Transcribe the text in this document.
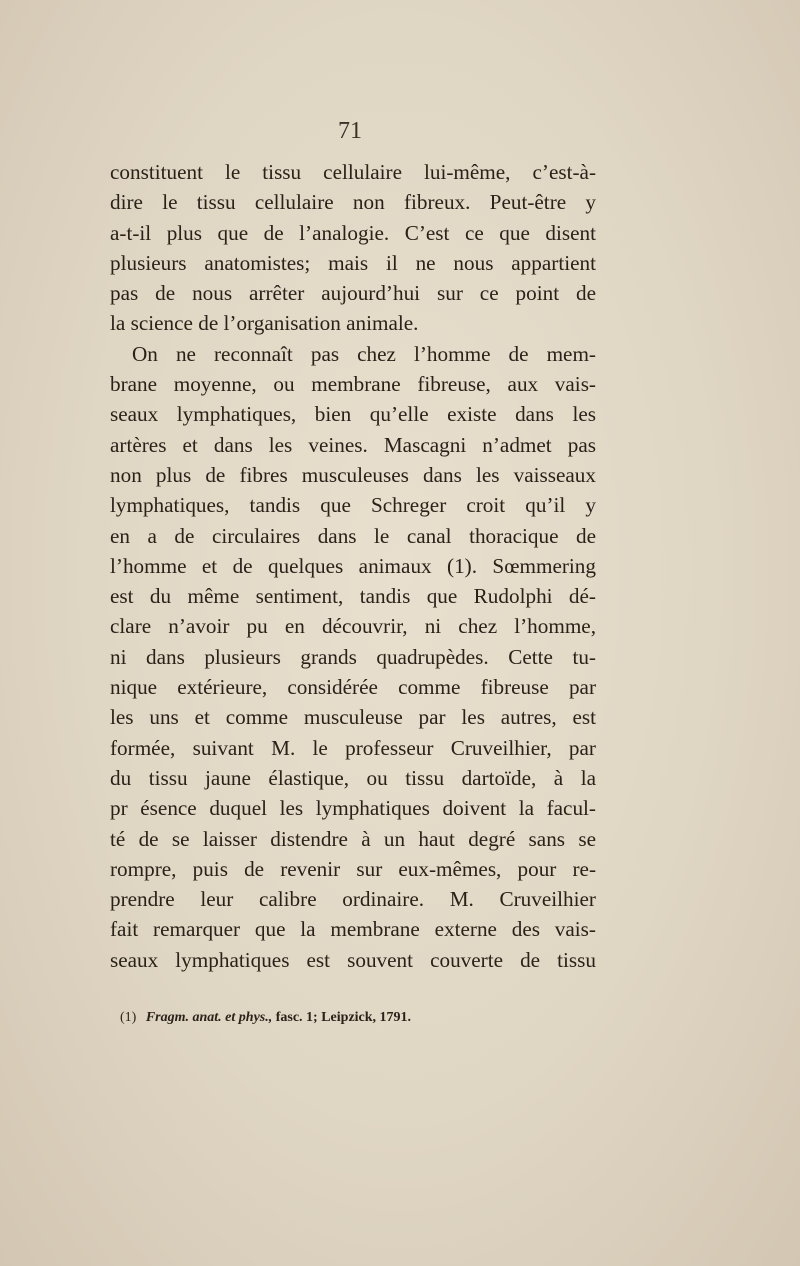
71
constituent le tissu cellulaire lui-même, c’est-à-
dire le tissu cellulaire non fibreux. Peut-être y
a-t-il plus que de l’analogie. C’est ce que disent
plusieurs anatomistes; mais il ne nous appartient
pas de nous arrêter aujourd’hui sur ce point de
la science de l’organisation animale.
On ne reconnaît pas chez l’homme de mem-
brane moyenne, ou membrane fibreuse, aux vais-
seaux lymphatiques, bien qu’elle existe dans les
artères et dans les veines. Mascagni n’admet pas
non plus de fibres musculeuses dans les vaisseaux
lymphatiques, tandis que Schreger croit qu’il y
en a de circulaires dans le canal thoracique de
l’homme et de quelques animaux (1). Sœmmering
est du même sentiment, tandis que Rudolphi dé-
clare n’avoir pu en découvrir, ni chez l’homme,
ni dans plusieurs grands quadrupèdes. Cette tu-
nique extérieure, considérée comme fibreuse par
les uns et comme musculeuse par les autres, est
formée, suivant M. le professeur Cruveilhier, par
du tissu jaune élastique, ou tissu dartoïde, à la
pr ésence duquel les lymphatiques doivent la facul-
té de se laisser distendre à un haut degré sans se
rompre, puis de revenir sur eux-mêmes, pour re-
prendre leur calibre ordinaire. M. Cruveilhier
fait remarquer que la membrane externe des vais-
seaux lymphatiques est souvent couverte de tissu
(1) Fragm. anat. et phys., fasc. 1; Leipzick, 1791.
